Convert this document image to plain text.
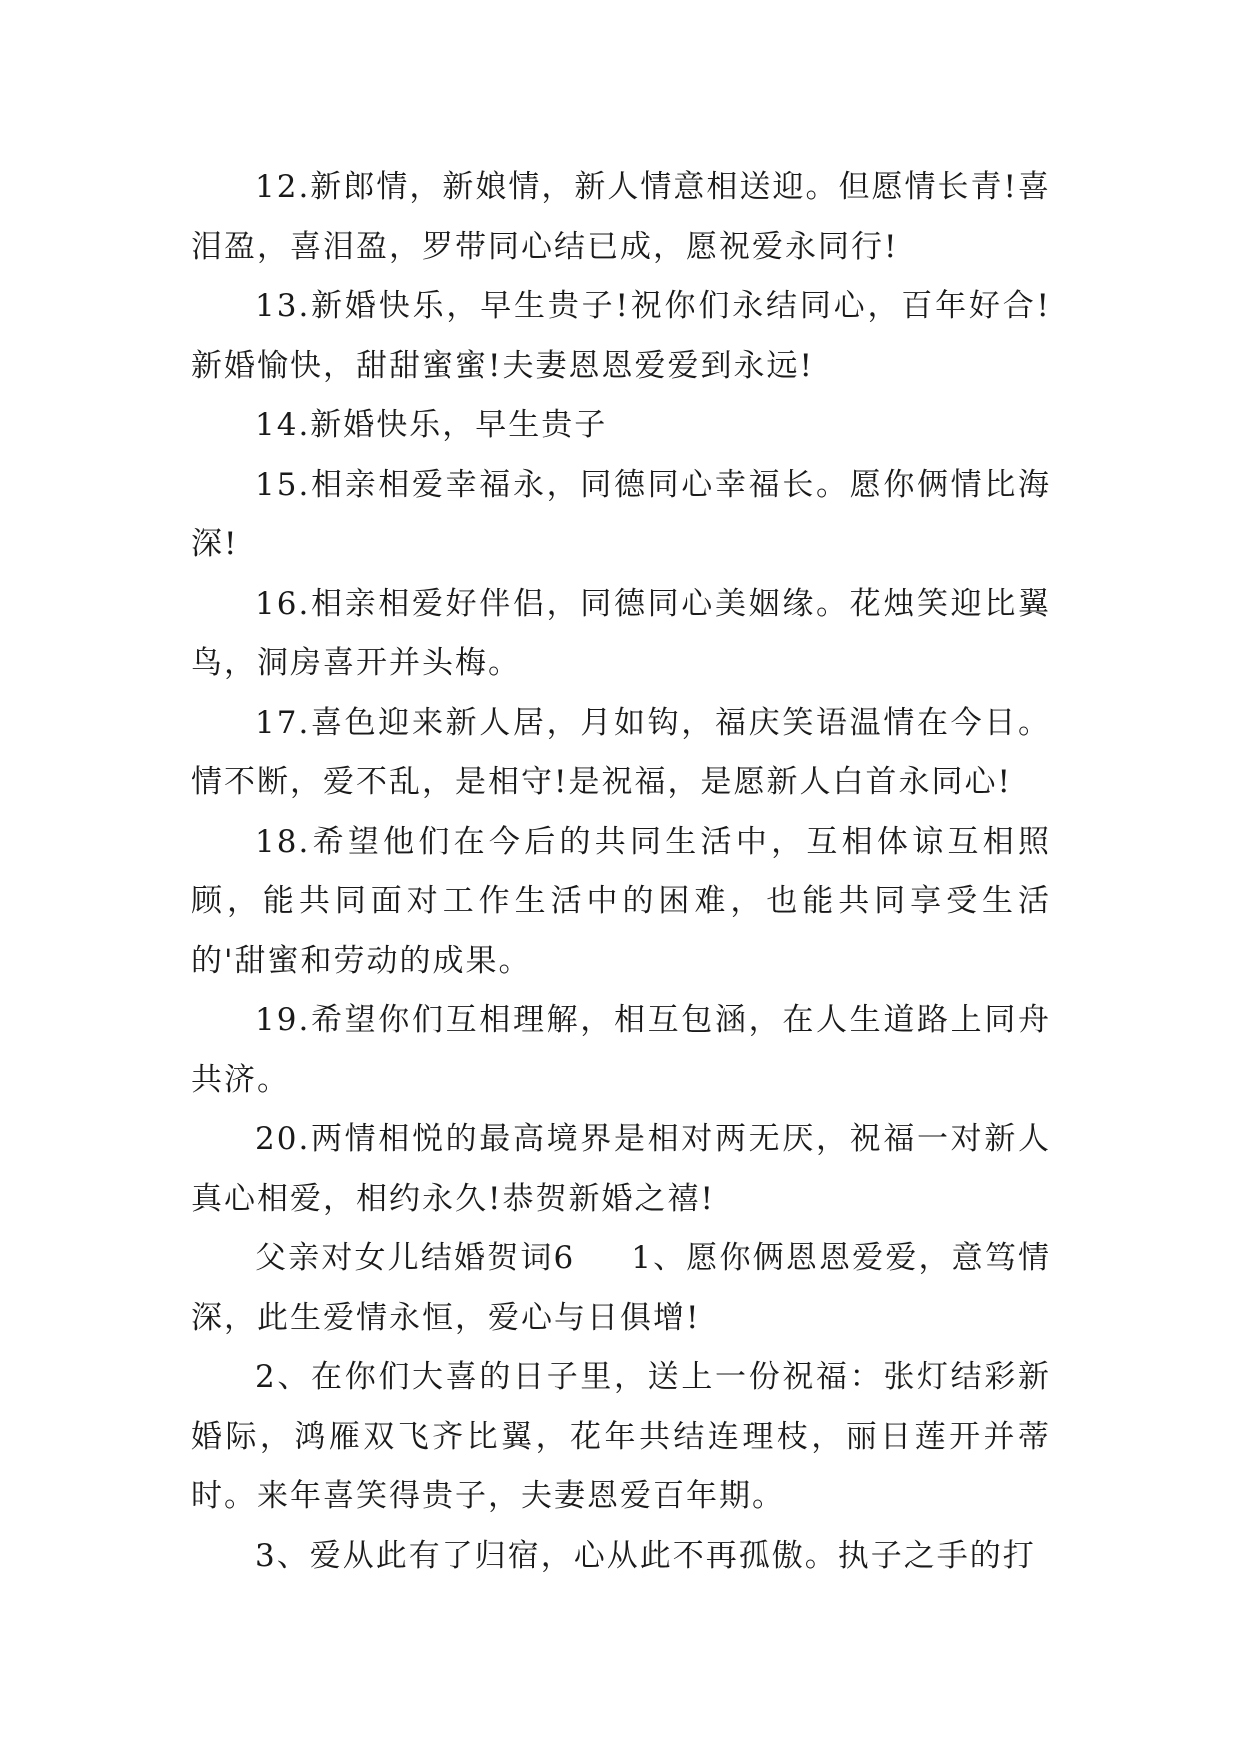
12.新郎情，新娘情，新人情意相送迎。但愿情长青!喜泪盈，喜泪盈，罗带同心结已成，愿祝爱永同行!

13.新婚快乐，早生贵子!祝你们永结同心，百年好合!新婚愉快，甜甜蜜蜜!夫妻恩恩爱爱到永远!

14.新婚快乐，早生贵子

15.相亲相爱幸福永，同德同心幸福长。愿你俩情比海深!

16.相亲相爱好伴侣，同德同心美姻缘。花烛笑迎比翼鸟，洞房喜开并头梅。

17.喜色迎来新人居，月如钩，福庆笑语温情在今日。情不断，爱不乱，是相守!是祝福，是愿新人白首永同心!

18.希望他们在今后的共同生活中，互相体谅互相照顾，能共同面对工作生活中的困难，也能共同享受生活的'甜蜜和劳动的成果。

19.希望你们互相理解，相互包涵，在人生道路上同舟共济。

20.两情相悦的最高境界是相对两无厌，祝福一对新人真心相爱，相约永久!恭贺新婚之禧!

父亲对女儿结婚贺词6 1、愿你俩恩恩爱爱，意笃情深，此生爱情永恒，爱心与日俱增!

2、在你们大喜的日子里，送上一份祝福：张灯结彩新婚际，鸿雁双飞齐比翼，花年共结连理枝，丽日莲开并蒂时。来年喜笑得贵子，夫妻恩爱百年期。

3、爱从此有了归宿，心从此不再孤傲。执子之手的打
